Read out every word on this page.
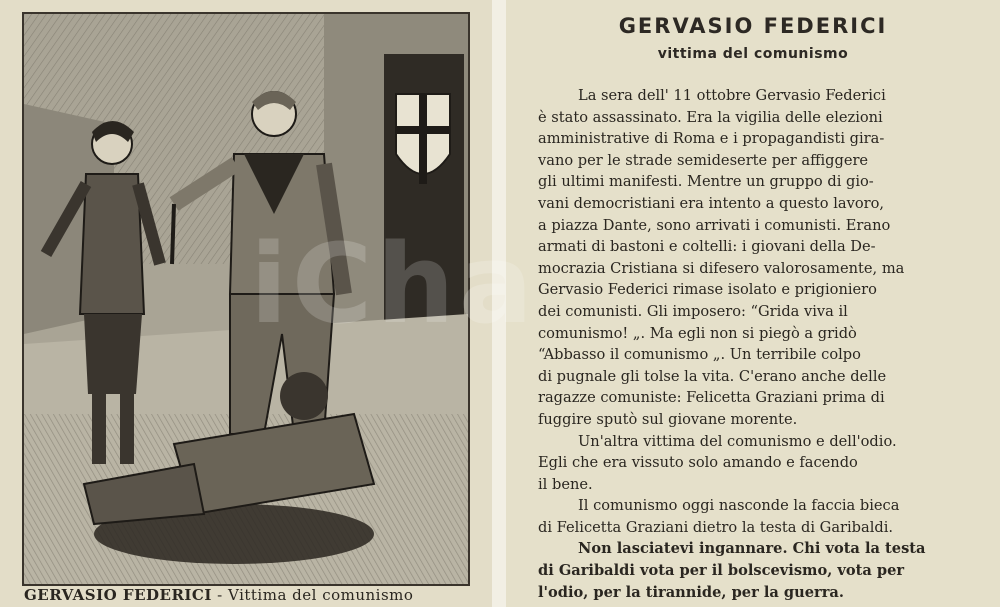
GERVASIO FEDERICI - Vittima del comunismo
GERVASIO FEDERICI
vittima del comunismo
La sera dell' 11 ottobre Gervasio Federici
è stato assassinato. Era la vigilia delle elezioni
amministrative di Roma e i propagandisti gira-
vano per le strade semideserte per affiggere
gli ultimi manifesti. Mentre un gruppo di gio-
vani democristiani era intento a questo lavoro,
a piazza Dante, sono arrivati i comunisti. Erano
armati di bastoni e coltelli: i giovani della De-
mocrazia Cristiana si difesero valorosamente, ma
Gervasio Federici rimase isolato e prigioniero
dei comunisti. Gli imposero: “Grida viva il
comunismo! „. Ma egli non si piegò a gridò
“Abbasso il comunismo „. Un terribile colpo
di pugnale gli tolse la vita. C'erano anche delle
ragazze comuniste: Felicetta Graziani prima di
fuggire sputò sul giovane morente.
Un'altra vittima del comunismo e dell'odio.
Egli che era vissuto solo amando e facendo
il bene.
Il comunismo oggi nasconde la faccia bieca
di Felicetta Graziani dietro la testa di Garibaldi.
Non lasciatevi ingannare. Chi vota la testa
di Garibaldi vota per il bolscevismo, vota per
l'odio, per la tirannide, per la guerra.
